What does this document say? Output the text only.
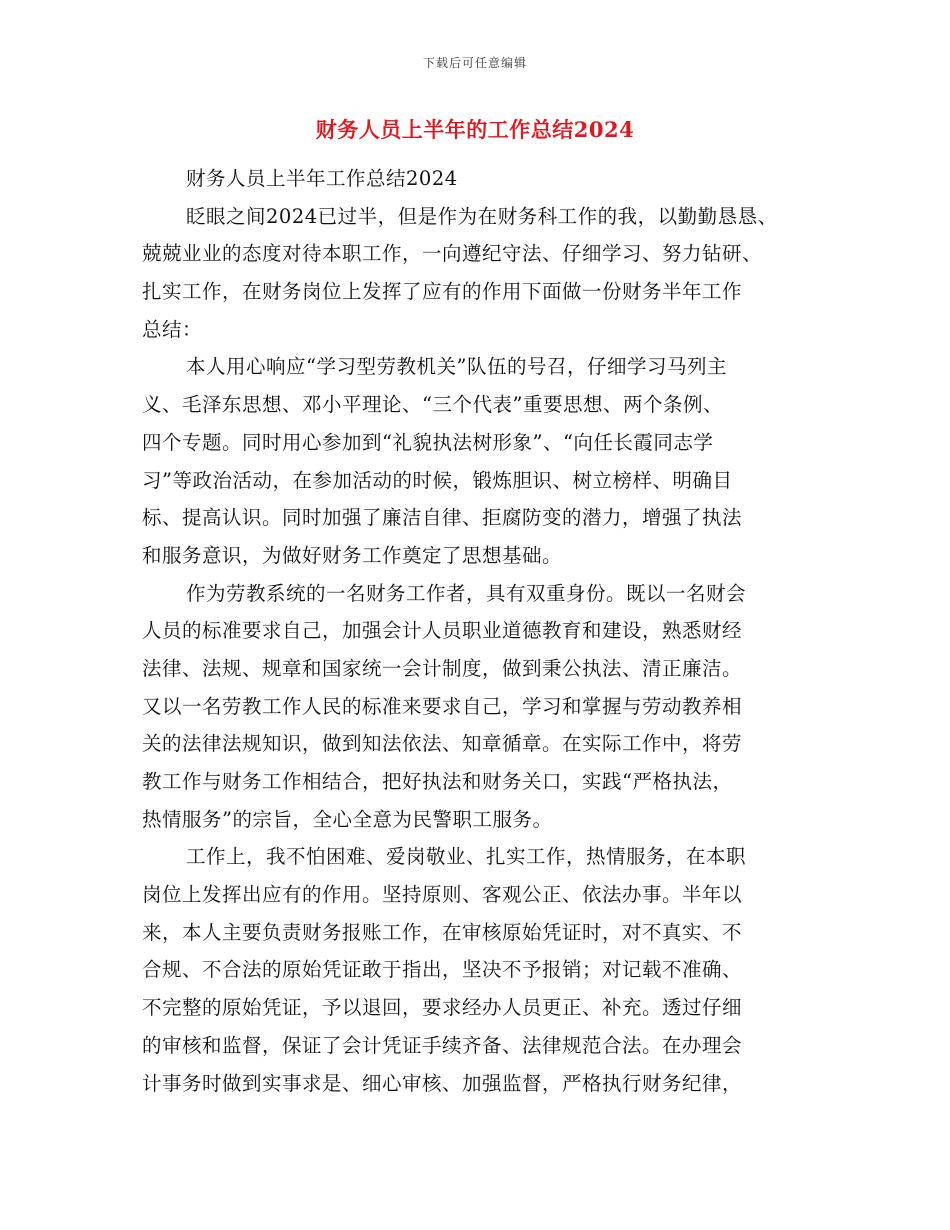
下载后可任意编辑
财务人员上半年的工作总结2024
财务人员上半年工作总结2024
眨眼之间2024已过半，但是作为在财务科工作的我，以勤勤恳恳、
兢兢业业的态度对待本职工作，一向遵纪守法、仔细学习、努力钻研、
扎实工作，在财务岗位上发挥了应有的作用下面做一份财务半年工作
总结：
本人用心响应“学习型劳教机关”队伍的号召，仔细学习马列主
义、毛泽东思想、邓小平理论、“三个代表”重要思想、两个条例、
四个专题。同时用心参加到“礼貌执法树形象”、“向任长霞同志学
习”等政治活动，在参加活动的时候，锻炼胆识、树立榜样、明确目
标、提高认识。同时加强了廉洁自律、拒腐防变的潜力，增强了执法
和服务意识，为做好财务工作奠定了思想基础。
作为劳教系统的一名财务工作者，具有双重身份。既以一名财会
人员的标准要求自己，加强会计人员职业道德教育和建设，熟悉财经
法律、法规、规章和国家统一会计制度，做到秉公执法、清正廉洁。
又以一名劳教工作人民的标准来要求自己，学习和掌握与劳动教养相
关的法律法规知识，做到知法依法、知章循章。在实际工作中，将劳
教工作与财务工作相结合，把好执法和财务关口，实践“严格执法，
热情服务”的宗旨，全心全意为民警职工服务。
工作上，我不怕困难、爱岗敬业、扎实工作，热情服务，在本职
岗位上发挥出应有的作用。坚持原则、客观公正、依法办事。半年以
来，本人主要负责财务报账工作，在审核原始凭证时，对不真实、不
合规、不合法的原始凭证敢于指出，坚决不予报销；对记载不准确、
不完整的原始凭证，予以退回，要求经办人员更正、补充。透过仔细
的审核和监督，保证了会计凭证手续齐备、法律规范合法。在办理会
计事务时做到实事求是、细心审核、加强监督，严格执行财务纪律，
